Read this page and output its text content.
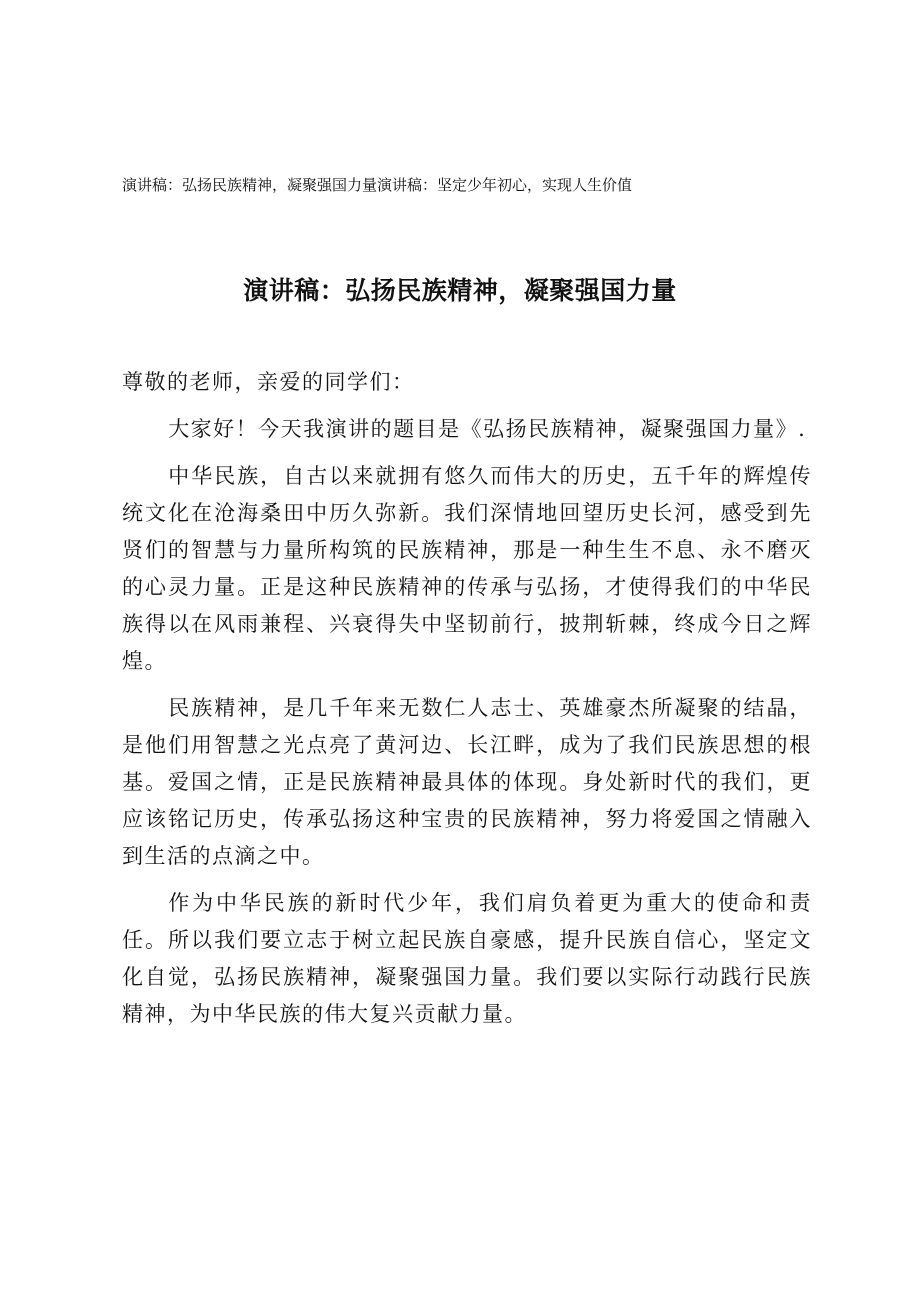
演讲稿：弘扬民族精神，凝聚强国力量演讲稿：坚定少年初心，实现人生价值
演讲稿：弘扬民族精神，凝聚强国力量

尊敬的老师，亲爱的同学们：

大家好！今天我演讲的题目是《弘扬民族精神，凝聚强国力量》.

中华民族，自古以来就拥有悠久而伟大的历史，五千年的辉煌传统文化在沧海桑田中历久弥新。我们深情地回望历史长河，感受到先贤们的智慧与力量所构筑的民族精神，那是一种生生不息、永不磨灭的心灵力量。正是这种民族精神的传承与弘扬，才使得我们的中华民族得以在风雨兼程、兴衰得失中坚韧前行，披荆斩棘，终成今日之辉煌。

民族精神，是几千年来无数仁人志士、英雄豪杰所凝聚的结晶，是他们用智慧之光点亮了黄河边、长江畔，成为了我们民族思想的根基。爱国之情，正是民族精神最具体的体现。身处新时代的我们，更应该铭记历史，传承弘扬这种宝贵的民族精神，努力将爱国之情融入到生活的点滴之中。

作为中华民族的新时代少年，我们肩负着更为重大的使命和责任。所以我们要立志于树立起民族自豪感，提升民族自信心，坚定文化自觉，弘扬民族精神，凝聚强国力量。我们要以实际行动践行民族精神，为中华民族的伟大复兴贡献力量。
